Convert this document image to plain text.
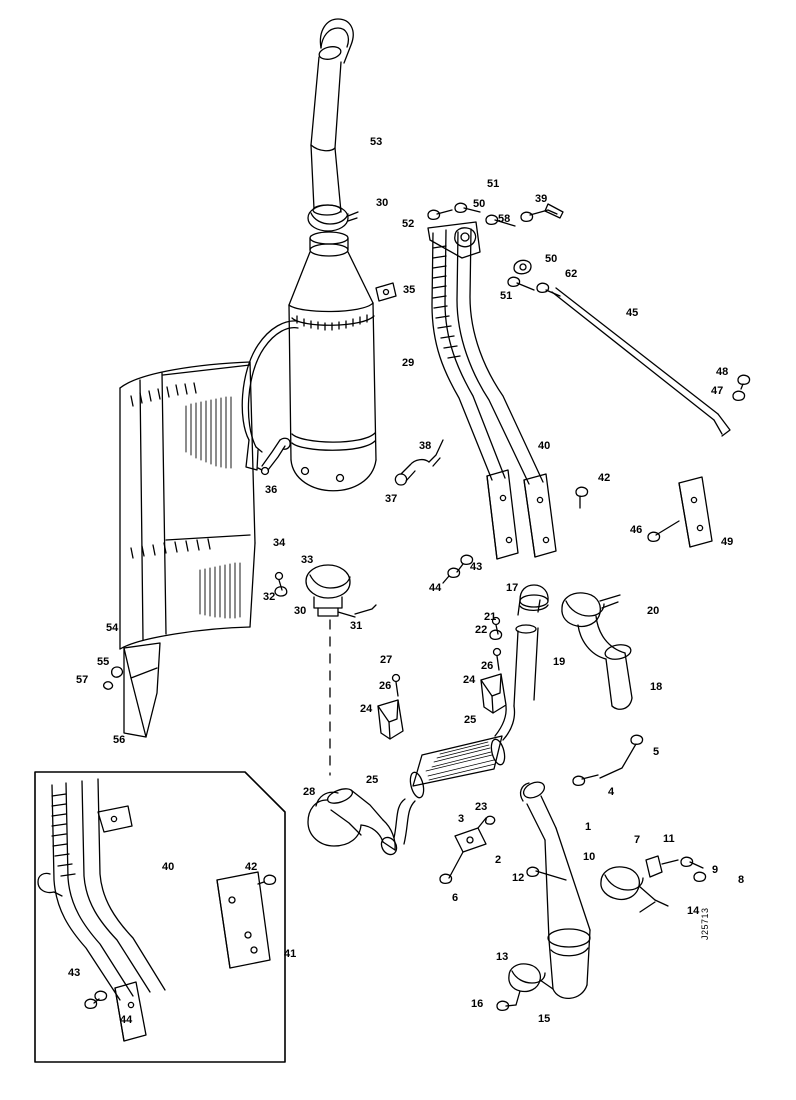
1
2
3
4
5
6
7
8
9
10
11
12
13
14
15
16
17
18
19
20
21
22
23
24
24
25
25
26
26
27
28
29
30
30
31
32
33
34
35
36
37
38
39
40
40
41
42
42
43
43
44
44
45
46
47
48
49
50
50
51
51
52
53
54
55
56
57
58
62
J25713
